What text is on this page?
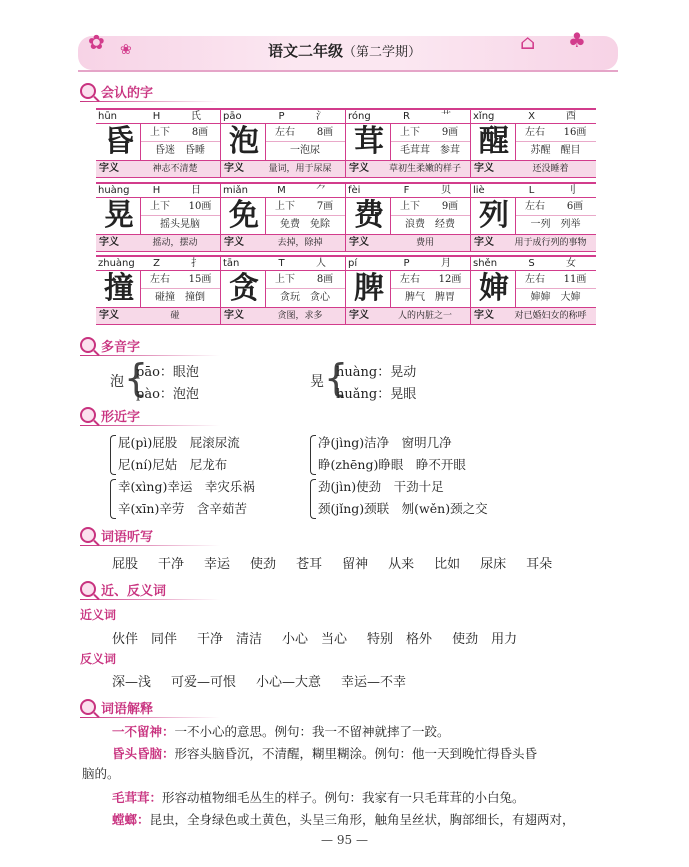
✿ ❀	⌂ ♣
语文二年级（第二学期）
会认的字
hūn	H	氏
昏	上下	8画
昏迷　昏睡
字义	神志不清楚
pāo	P	氵
泡	左右	8画
一泡尿
字义	量词，用于尿屎
róng	R	艹
茸	上下	9画
毛茸茸　参茸
字义	草初生柔嫩的样子
xǐng	X	酉
醒	左右	16画
苏醒　醒目
字义	还没睡着
huàng	H	日
晃	上下	10画
摇头晃脑
字义	摇动，摆动
miǎn	M	⺈
免	上下	7画
免费　免除
字义	去掉，除掉
fèi	F	贝
费	上下	9画
浪费　经费
字义	费用
liè	L	刂
列	左右	6画
一列　列举
字义	用于成行列的事物
zhuàng	Z	扌
撞	左右	15画
碰撞　撞倒
字义	碰
tān	T	人
贪	上下	8画
贪玩　贪心
字义	贪图，求多
pí	P	月
脾	左右	12画
脾气　脾胃
字义	人的内脏之一
shěn	S	女
婶	左右	11画
婶婶　大婶
字义	对已婚妇女的称呼
多音字
泡 {
pāo：眼泡
pào：泡泡
晃 {
huàng：晃动
huǎng：晃眼
形近字
屁(pì)屁股　屁滚尿流
尼(ní)尼姑　尼龙布
净(jìng)洁净　窗明几净
睁(zhēng)睁眼　睁不开眼
幸(xìng)幸运　幸灾乐祸
辛(xīn)辛劳　含辛茹苦
劲(jìn)使劲　干劲十足
颈(jǐng)颈联　刎(wěn)颈之交
词语听写
屁股 干净 幸运 使劲 苍耳 留神 从来 比如 尿床 耳朵
近、反义词
近义词
伙伴　同伴 干净　清洁 小心　当心 特别　格外 使劲　用力
反义词
深—浅 可爱—可恨 小心—大意 幸运—不幸
词语解释
一不留神：一不小心的意思。例句：我一不留神就摔了一跤。
昏头昏脑：形容头脑昏沉，不清醒，糊里糊涂。例句：他一天到晚忙得昏头昏
脑的。
毛茸茸：形容动植物细毛丛生的样子。例句：我家有一只毛茸茸的小白兔。
螳螂：昆虫，全身绿色或土黄色，头呈三角形，触角呈丝状，胸部细长，有翅两对，
— 95 —
